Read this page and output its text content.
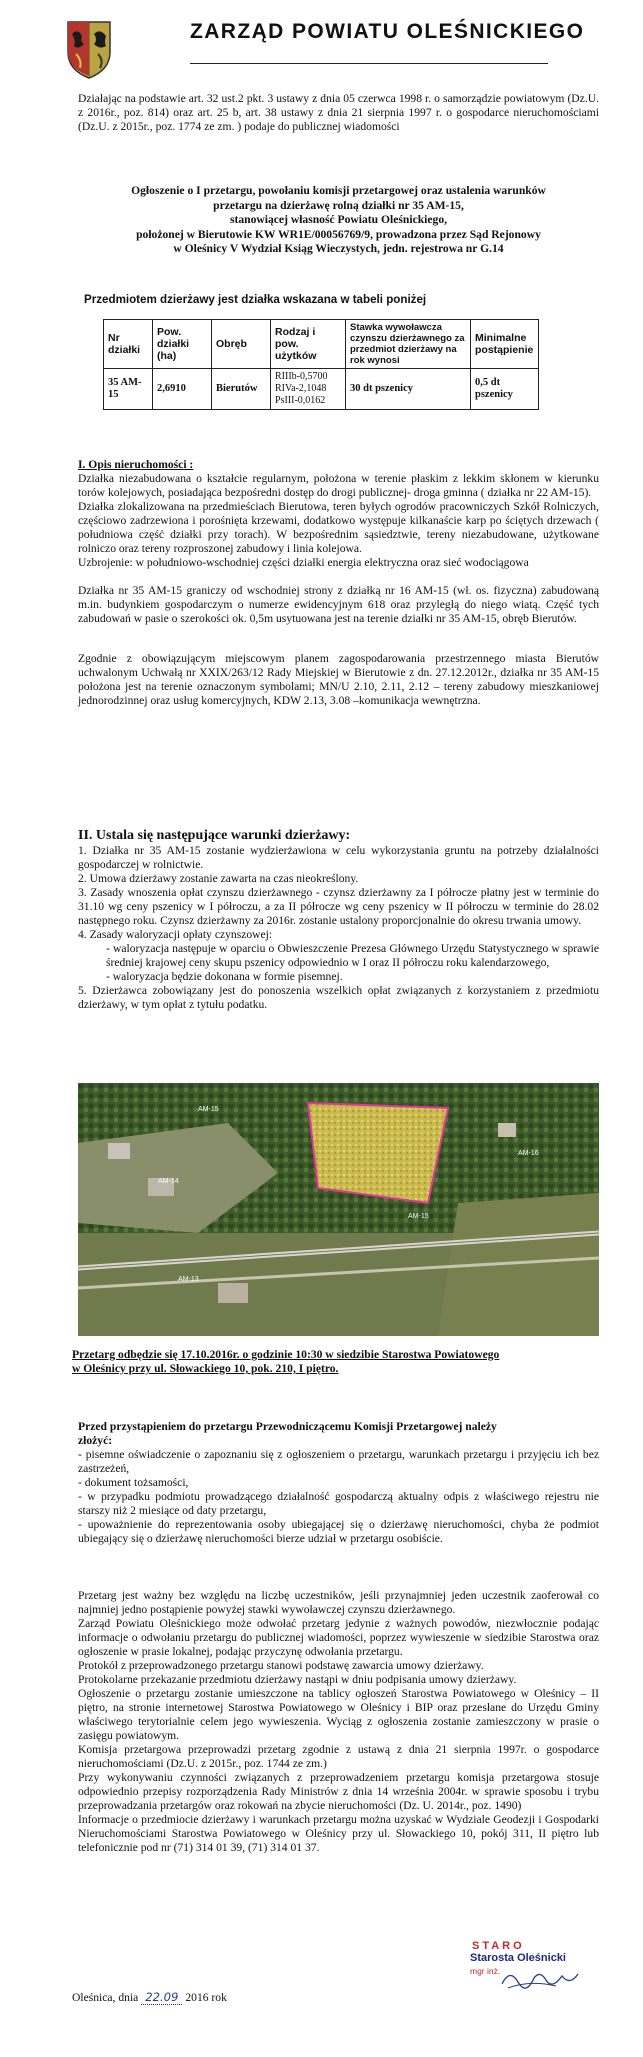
ZARZĄD POWIATU OLEŚNICKIEGO
Działając na podstawie art. 32 ust.2 pkt. 3 ustawy z dnia 05 czerwca 1998 r. o samorządzie powiatowym (Dz.U. z 2016r., poz. 814) oraz art. 25 b, art. 38 ustawy z dnia 21 sierpnia 1997 r. o gospodarce nieruchomościami (Dz.U. z 2015r., poz. 1774 ze zm. ) podaje do publicznej wiadomości
Ogłoszenie o I przetargu, powołaniu komisji przetargowej oraz ustalenia warunków
przetargu na dzierżawę rolną działki nr 35 AM-15,
stanowiącej własność Powiatu Oleśnickiego,
położonej w Bierutowie KW WR1E/00056769/9, prowadzona przez Sąd Rejonowy
w Oleśnicy V Wydział Ksiąg Wieczystych, jedn. rejestrowa nr G.14
Przedmiotem dzierżawy jest działka wskazana w tabeli poniżej
Nr działki	Pow. działki (ha)	Obręb	Rodzaj i pow. użytków	Stawka wywoławcza czynszu dzierżawnego za przedmiot dzierżawy na rok wynosi	Minimalne postąpienie
35 AM-15	2,6910	Bierutów	RIIIb-0,5700 RIVa-2,1048 PsIII-0,0162	30 dt pszenicy	0,5 dt pszenicy
I. Opis nieruchomości :
Działka niezabudowana o kształcie regularnym, położona w terenie płaskim z lekkim skłonem w kierunku torów kolejowych, posiadająca bezpośredni dostęp do drogi publicznej- droga gminna ( działka nr 22 AM-15).
Działka zlokalizowana na przedmieściach Bierutowa, teren byłych ogrodów pracowniczych Szkół Rolniczych, częściowo zadrzewiona i porośnięta krzewami, dodatkowo występuje kilkanaście karp po ściętych drzewach ( południowa część działki przy torach). W bezpośrednim sąsiedztwie, tereny niezabudowane, użytkowane rolniczo oraz tereny rozproszonej zabudowy i linia kolejowa.
Uzbrojenie: w południowo-wschodniej części działki energia elektryczna oraz sieć wodociągowa
Działka nr 35 AM-15 graniczy od wschodniej strony z działką nr 16 AM-15 (wł. os. fizyczna) zabudowaną m.in. budynkiem gospodarczym o numerze ewidencyjnym 618 oraz przyległą do niego wiatą. Część tych zabudowań w pasie o szerokości ok. 0,5m usytuowana jest na terenie działki nr 35 AM-15, obręb Bierutów.
Zgodnie z obowiązującym miejscowym planem zagospodarowania przestrzennego miasta Bierutów uchwalonym Uchwałą nr XXIX/263/12 Rady Miejskiej w Bierutowie z dn. 27.12.2012r., działka nr 35 AM-15 położona jest na terenie oznaczonym symbolami; MN/U 2.10, 2.11, 2.12 – tereny zabudowy mieszkaniowej jednorodzinnej oraz usług komercyjnych, KDW 2.13, 3.08 –komunikacja wewnętrzna.
II. Ustala się następujące warunki dzierżawy:
1. Działka nr 35 AM-15 zostanie wydzierżawiona w celu wykorzystania gruntu na potrzeby działalności gospodarczej w rolnictwie.
2. Umowa dzierżawy zostanie zawarta na czas nieokreślony.
3. Zasady wnoszenia opłat czynszu dzierżawnego - czynsz dzierżawny za I półrocze płatny jest w terminie do 31.10 wg ceny pszenicy w I półroczu, a za II półrocze wg ceny pszenicy w II półroczu w terminie do 28.02 następnego roku. Czynsz dzierżawny za 2016r. zostanie ustalony proporcjonalnie do okresu trwania umowy.
4. Zasady waloryzacji opłaty czynszowej:
- waloryzacja następuje w oparciu o Obwieszczenie Prezesa Głównego Urzędu Statystycznego w sprawie średniej krajowej ceny skupu pszenicy odpowiednio w I oraz II półroczu roku kalendarzowego,
- waloryzacja będzie dokonana w formie pisemnej.
5. Dzierżawca zobowiązany jest do ponoszenia wszelkich opłat związanych z korzystaniem z przedmiotu dzierżawy, w tym opłat z tytułu podatku.
AM-15
AM-14
AM-15
AM-16
AM-13
Przetarg odbędzie się 17.10.2016r. o godzinie 10:30 w siedzibie Starostwa Powiatowego
w Oleśnicy przy ul. Słowackiego 10, pok. 210, I piętro.
Przed przystąpieniem do przetargu Przewodniczącemu Komisji Przetargowej należy
złożyć:
- pisemne oświadczenie o zapoznaniu się z ogłoszeniem o przetargu, warunkach przetargu i przyjęciu ich bez zastrzeżeń,
- dokument tożsamości,
- w przypadku podmiotu prowadzącego działalność gospodarczą aktualny odpis z właściwego rejestru nie starszy niż 2 miesiące od daty przetargu,
- upoważnienie do reprezentowania osoby ubiegającej się o dzierżawę nieruchomości, chyba że podmiot ubiegający się o dzierżawę nieruchomości bierze udział w przetargu osobiście.
Przetarg jest ważny bez względu na liczbę uczestników, jeśli przynajmniej jeden uczestnik zaoferował co najmniej jedno postąpienie powyżej stawki wywoławczej czynszu dzierżawnego.
Zarząd Powiatu Oleśnickiego może odwołać przetarg jedynie z ważnych powodów, niezwłocznie podając informacje o odwołaniu przetargu do publicznej wiadomości, poprzez wywieszenie w siedzibie Starostwa oraz ogłoszenie w prasie lokalnej, podając przyczynę odwołania przetargu.
Protokół z przeprowadzonego przetargu stanowi podstawę zawarcia umowy dzierżawy.
Protokolarne przekazanie przedmiotu dzierżawy nastąpi w dniu podpisania umowy dzierżawy.
Ogłoszenie o przetargu zostanie umieszczone na tablicy ogłoszeń Starostwa Powiatowego w Oleśnicy – II piętro, na stronie internetowej Starostwa Powiatowego w Oleśnicy i BIP oraz przesłane do Urzędu Gminy właściwego terytorialnie celem jego wywieszenia. Wyciąg z ogłoszenia zostanie zamieszczony w prasie o zasięgu powiatowym.
Komisja przetargowa przeprowadzi przetarg zgodnie z ustawą z dnia 21 sierpnia 1997r. o gospodarce nieruchomościami (Dz.U. z 2015r., poz. 1744 ze zm.)
Przy wykonywaniu czynności związanych z przeprowadzeniem przetargu komisja przetargowa stosuje odpowiednio przepisy rozporządzenia Rady Ministrów z dnia 14 września 2004r. w sprawie sposobu i trybu przeprowadzania przetargów oraz rokowań na zbycie nieruchomości (Dz. U. 2014r., poz. 1490)
Informacje o przedmiocie dzierżawy i warunkach przetargu można uzyskać w Wydziale Geodezji i Gospodarki Nieruchomościami Starostwa Powiatowego w Oleśnicy przy ul. Słowackiego 10, pokój 311, II piętro lub telefonicznie pod nr (71) 314 01 39, (71) 314 01 37.
Oleśnica, dnia 22.09 2016 rok
STARO
Starosta Oleśnicki
mgr inż.
